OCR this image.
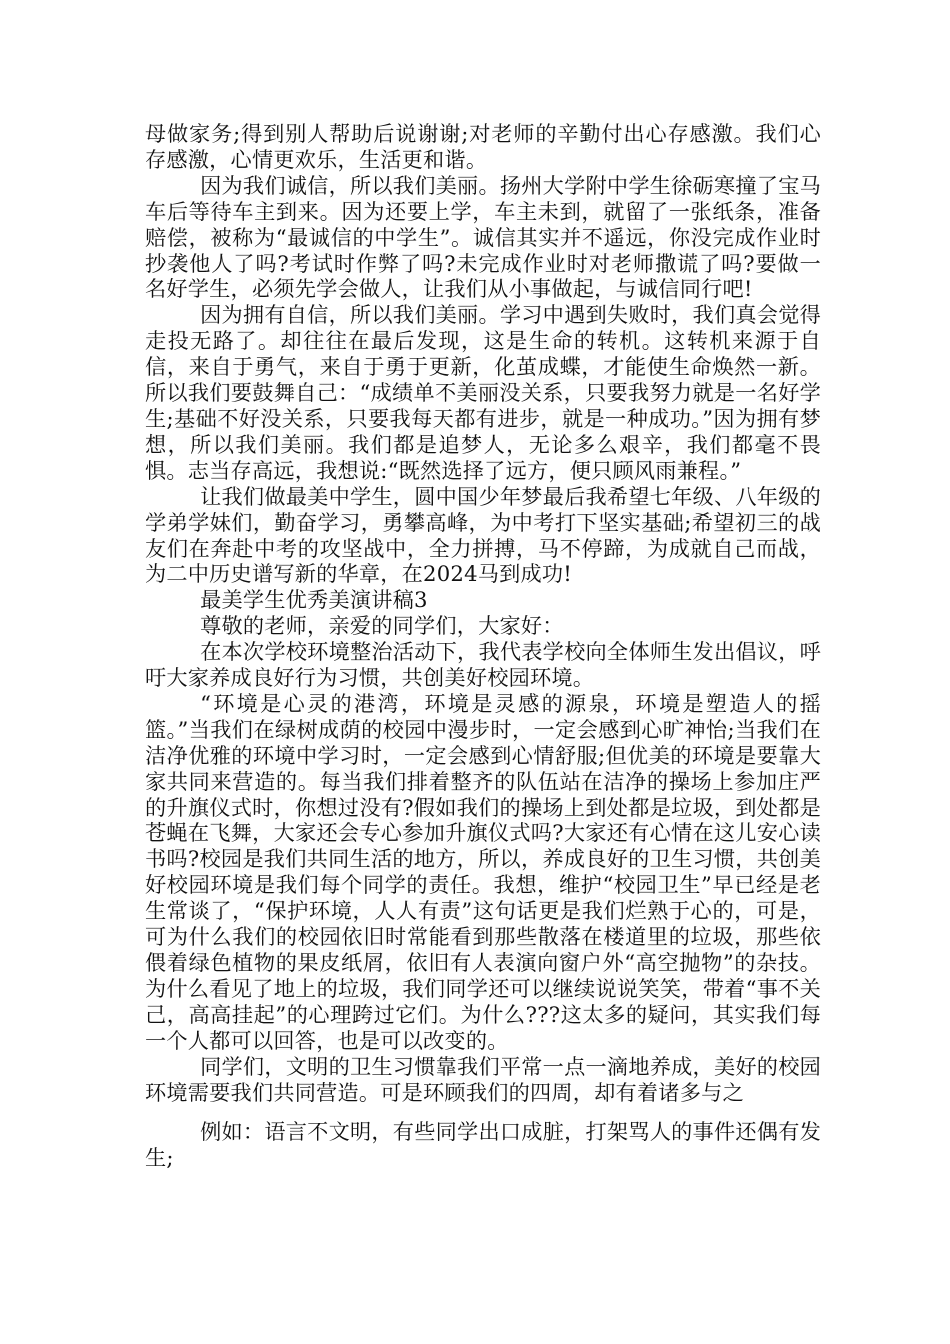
母做家务;得到别人帮助后说谢谢;对老师的辛勤付出心存感激。我们心存感激，心情更欢乐，生活更和谐。

因为我们诚信，所以我们美丽。扬州大学附中学生徐砺寒撞了宝马车后等待车主到来。因为还要上学，车主未到，就留了一张纸条，准备赔偿，被称为“最诚信的中学生”。诚信其实并不遥远，你没完成作业时抄袭他人了吗?考试时作弊了吗?未完成作业时对老师撒谎了吗?要做一名好学生，必须先学会做人，让我们从小事做起，与诚信同行吧!

因为拥有自信，所以我们美丽。学习中遇到失败时，我们真会觉得走投无路了。却往往在最后发现，这是生命的转机。这转机来源于自信，来自于勇气，来自于勇于更新，化茧成蝶，才能使生命焕然一新。所以我们要鼓舞自己：“成绩单不美丽没关系，只要我努力就是一名好学生;基础不好没关系，只要我每天都有进步，就是一种成功。”因为拥有梦想，所以我们美丽。我们都是追梦人，无论多么艰辛，我们都毫不畏惧。志当存高远，我想说:“既然选择了远方，便只顾风雨兼程。”

让我们做最美中学生，圆中国少年梦最后我希望七年级、八年级的学弟学妹们，勤奋学习，勇攀高峰，为中考打下坚实基础;希望初三的战友们在奔赴中考的攻坚战中，全力拼搏，马不停蹄，为成就自己而战，为二中历史谱写新的华章，在2024马到成功!

最美学生优秀美演讲稿3

尊敬的老师，亲爱的同学们，大家好：

在本次学校环境整治活动下，我代表学校向全体师生发出倡议，呼吁大家养成良好行为习惯，共创美好校园环境。

“环境是心灵的港湾，环境是灵感的源泉，环境是塑造人的摇篮。”当我们在绿树成荫的校园中漫步时，一定会感到心旷神怡;当我们在洁净优雅的环境中学习时，一定会感到心情舒服;但优美的环境是要靠大家共同来营造的。每当我们排着整齐的队伍站在洁净的操场上参加庄严的升旗仪式时，你想过没有?假如我们的操场上到处都是垃圾，到处都是苍蝇在飞舞，大家还会专心参加升旗仪式吗?大家还有心情在这儿安心读书吗?校园是我们共同生活的地方，所以，养成良好的卫生习惯，共创美好校园环境是我们每个同学的责任。我想，维护“校园卫生”早已经是老生常谈了，“保护环境，人人有责”这句话更是我们烂熟于心的，可是，可为什么我们的校园依旧时常能看到那些散落在楼道里的垃圾，那些依偎着绿色植物的果皮纸屑，依旧有人表演向窗户外“高空抛物”的杂技。为什么看见了地上的垃圾，我们同学还可以继续说说笑笑，带着“事不关己，高高挂起”的心理跨过它们。为什么???这太多的疑问，其实我们每一个人都可以回答，也是可以改变的。

同学们，文明的卫生习惯靠我们平常一点一滴地养成，美好的校园环境需要我们共同营造。可是环顾我们的四周，却有着诸多与之

例如：语言不文明，有些同学出口成脏，打架骂人的事件还偶有发生;
